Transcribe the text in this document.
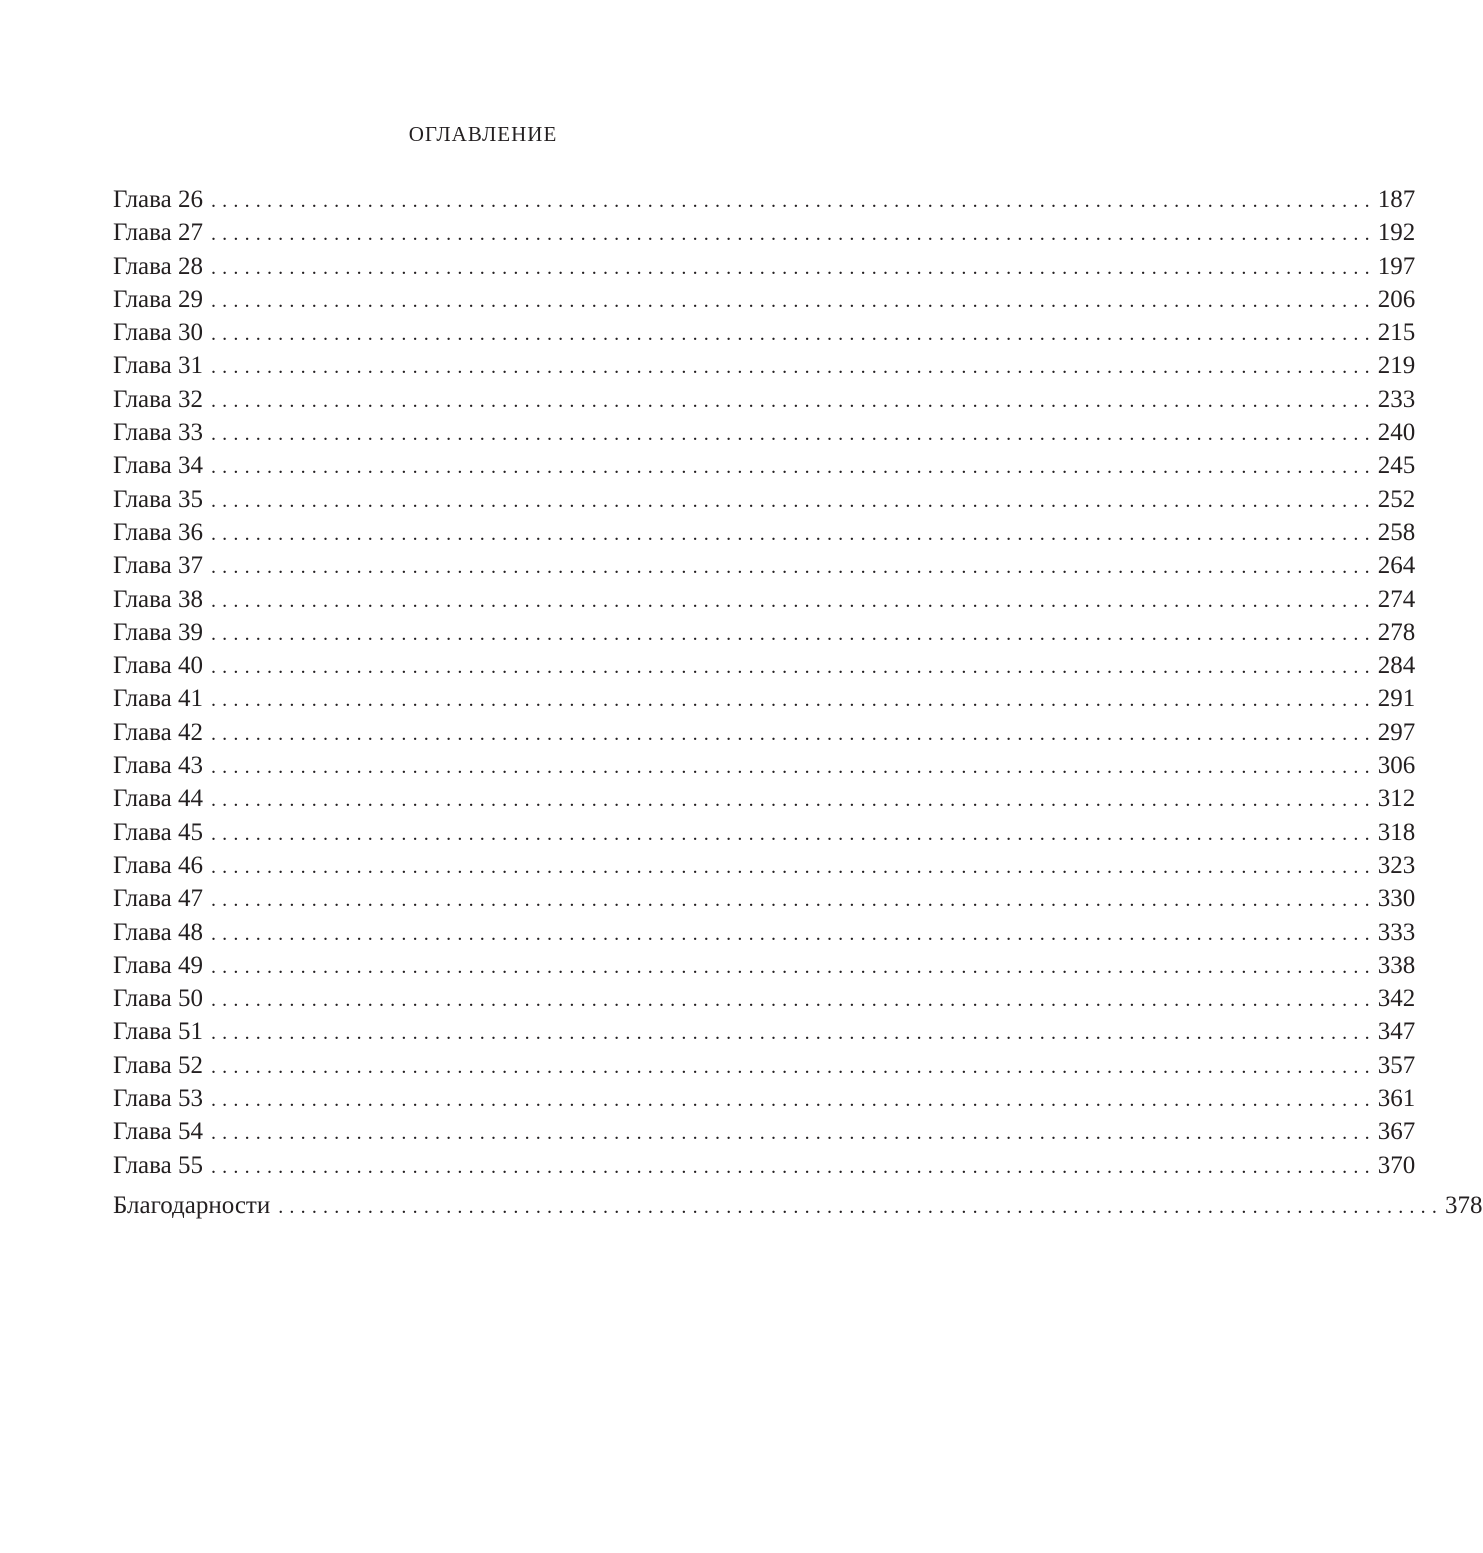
ОГЛАВЛЕНИЕ
Глава 26 ........................................................................................................ 187
Глава 27 ........................................................................................................ 192
Глава 28 ........................................................................................................ 197
Глава 29 ........................................................................................................ 206
Глава 30 ........................................................................................................ 215
Глава 31 ........................................................................................................ 219
Глава 32 ........................................................................................................ 233
Глава 33 ........................................................................................................ 240
Глава 34 ........................................................................................................ 245
Глава 35 ........................................................................................................ 252
Глава 36 ........................................................................................................ 258
Глава 37 ........................................................................................................ 264
Глава 38 ........................................................................................................ 274
Глава 39 ........................................................................................................ 278
Глава 40 ........................................................................................................ 284
Глава 41 ........................................................................................................ 291
Глава 42 ........................................................................................................ 297
Глава 43 ........................................................................................................ 306
Глава 44 ........................................................................................................ 312
Глава 45 ........................................................................................................ 318
Глава 46 ........................................................................................................ 323
Глава 47 ........................................................................................................ 330
Глава 48 ........................................................................................................ 333
Глава 49 ........................................................................................................ 338
Глава 50 ........................................................................................................ 342
Глава 51 ........................................................................................................ 347
Глава 52 ........................................................................................................ 357
Глава 53 ........................................................................................................ 361
Глава 54 ........................................................................................................ 367
Глава 55 ........................................................................................................ 370
Благодарности ........................................................................................................ 378
